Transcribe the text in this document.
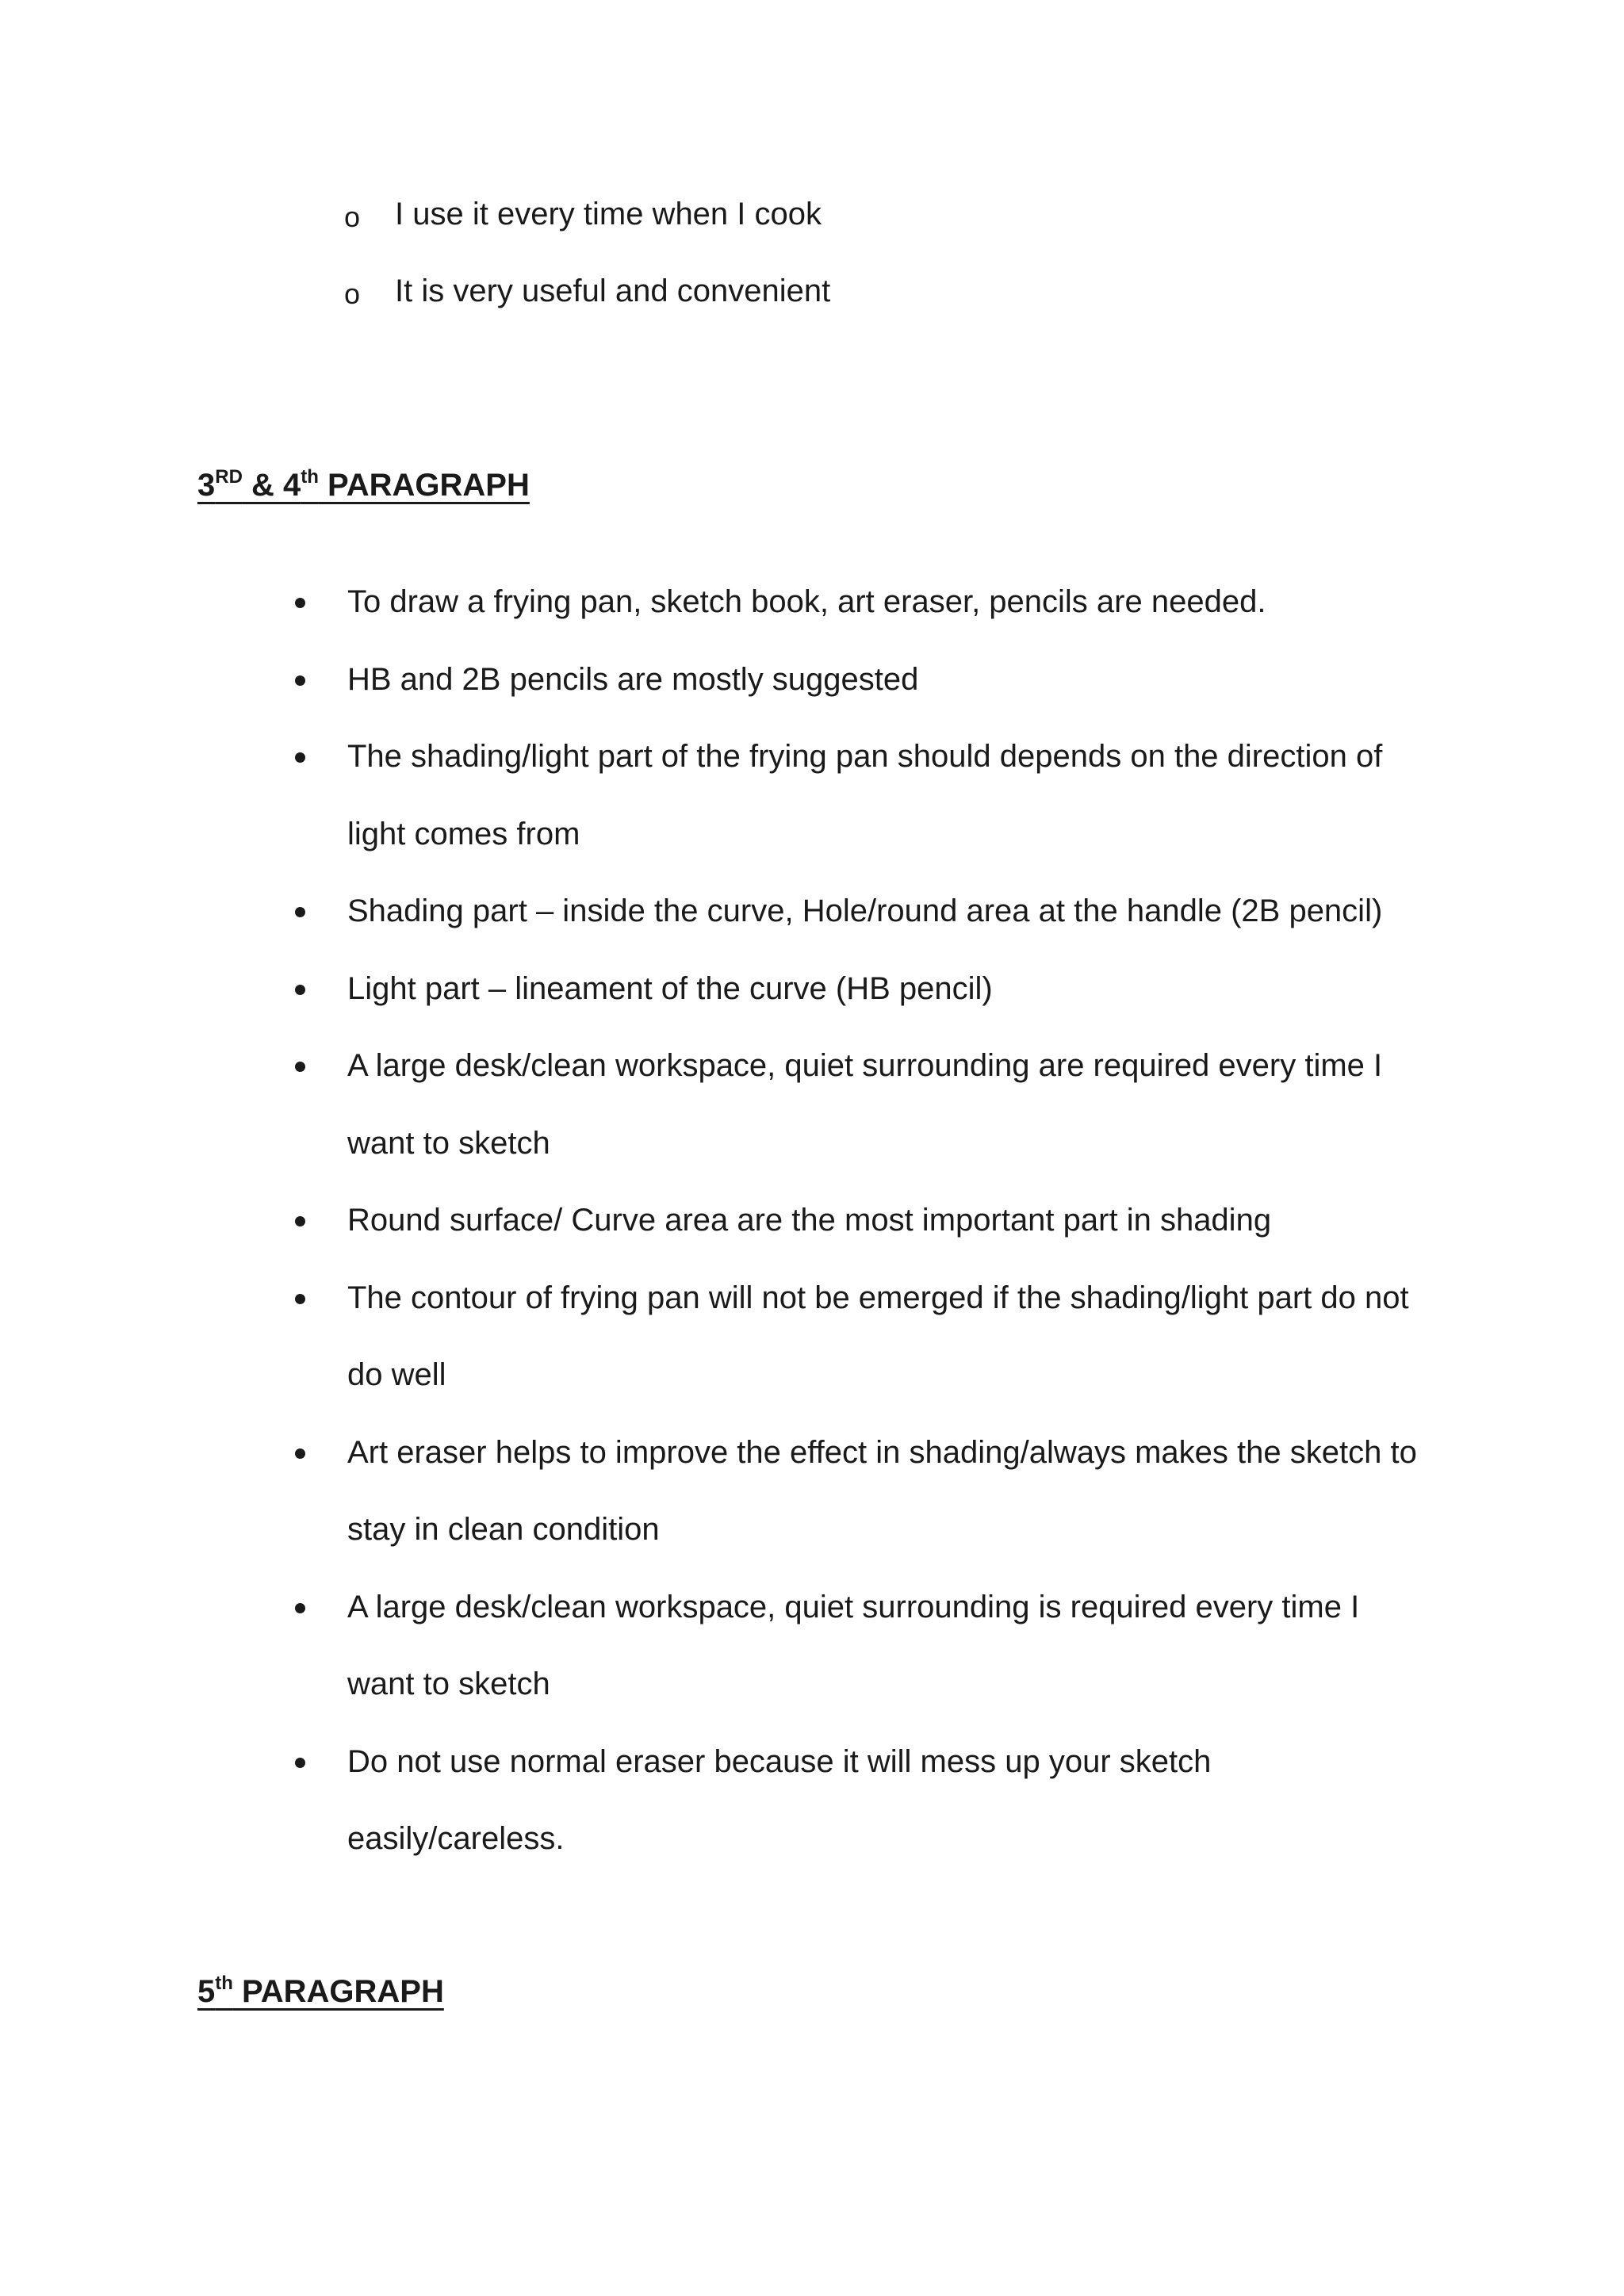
o I use it every time when I cook
o It is very useful and convenient
3RD & 4th PARAGRAPH
To draw a frying pan, sketch book, art eraser, pencils are needed.
HB and 2B pencils are mostly suggested
The shading/light part of the frying pan should depends on the direction of light comes from
Shading part – inside the curve, Hole/round area at the handle (2B pencil)
Light part – lineament of the curve (HB pencil)
A large desk/clean workspace, quiet surrounding are required every time I want to sketch
Round surface/ Curve area are the most important part in shading
The contour of frying pan will not be emerged if the shading/light part do not do well
Art eraser helps to improve the effect in shading/always makes the sketch to stay in clean condition
A large desk/clean workspace, quiet surrounding is required every time I want to sketch
Do not use normal eraser because it will mess up your sketch easily/careless.
5th PARAGRAPH
